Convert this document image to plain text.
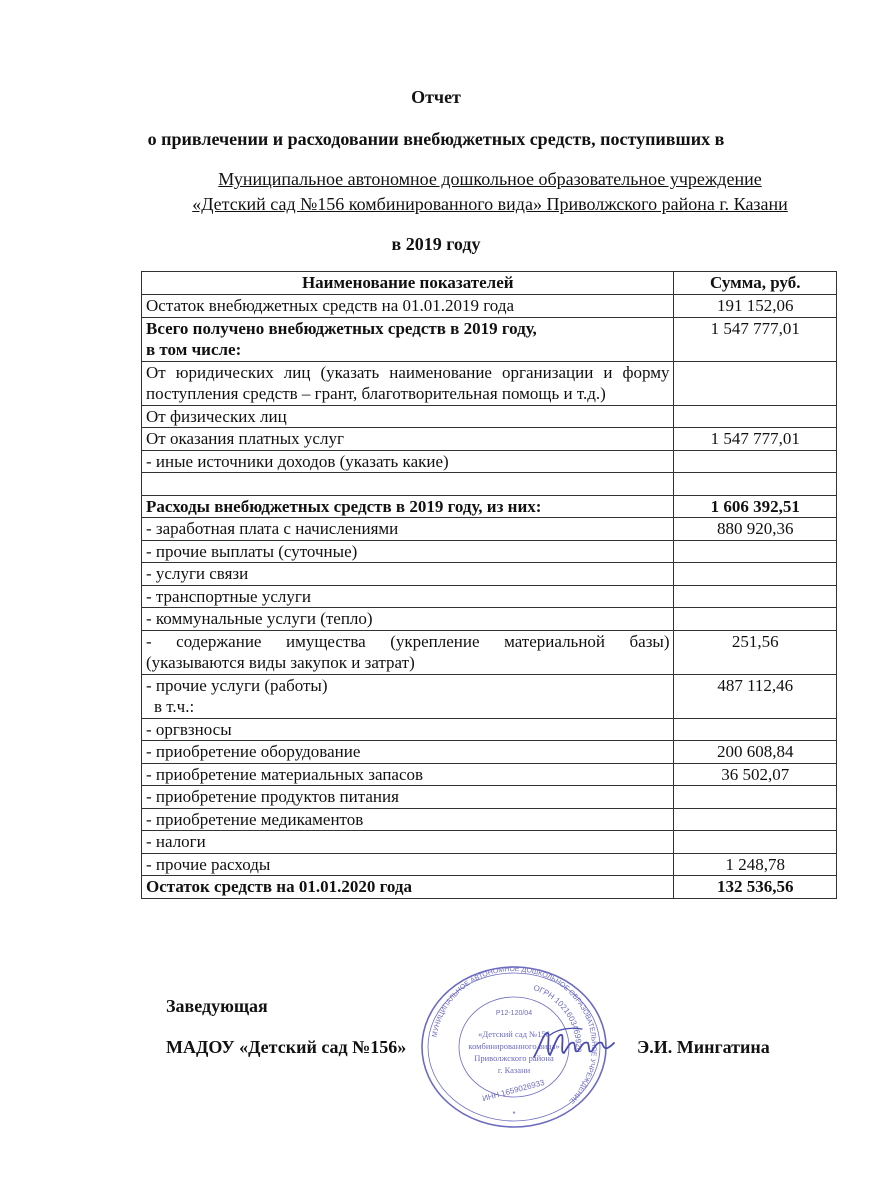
Отчет
о привлечении и расходовании внебюджетных средств, поступивших в
Муниципальное автономное дошкольное образовательное учреждение
«Детский сад №156 комбинированного вида» Приволжского района г. Казани
в 2019 году
Наименование показателей	Сумма, руб.
Остаток внебюджетных средств на 01.01.2019 года	191 152,06

Всего получено внебюджетных средств в 2019 году,
в том числе:	1 547 777,01
От юридических лиц (указать наименование организации и форму поступления средств – грант, благотворительная помощь и т.д.)	
От физических лиц	
От оказания платных услуг	1 547 777,01
- иные источники доходов (указать какие)	

Расходы внебюджетных средств в 2019 году, из них:	1 606 392,51
- заработная плата с начислениями	880 920,36
- прочие выплаты (суточные)	
- услуги связи	
- транспортные услуги	
- коммунальные услуги (тепло)	
- содержание имущества (укрепление материальной базы) (указываются виды закупок и затрат)	251,56

- прочие услуги (работы)
в т.ч.:	487 112,46
- оргвзносы	
- приобретение оборудование	200 608,84
- приобретение материальных запасов	36 502,07
- приобретение продуктов питания	
- приобретение медикаментов	
- налоги	
- прочие расходы	1 248,78
Остаток средств на 01.01.2020 года	132 536,56
МУНИЦИПАЛЬНОЕ АВТОНОМНОЕ ДОШКОЛЬНОЕ ОБРАЗОВАТЕЛЬНОЕ УЧРЕЖДЕНИЕ
ОГРН 1021603469920
Р12-120/04
«Детский сад №156
комбинированного вида»
Приволжского района
г. Казани
ИНН 1659026933
*
Заведующая
МАДОУ «Детский сад №156»	Э.И. Мингатина
